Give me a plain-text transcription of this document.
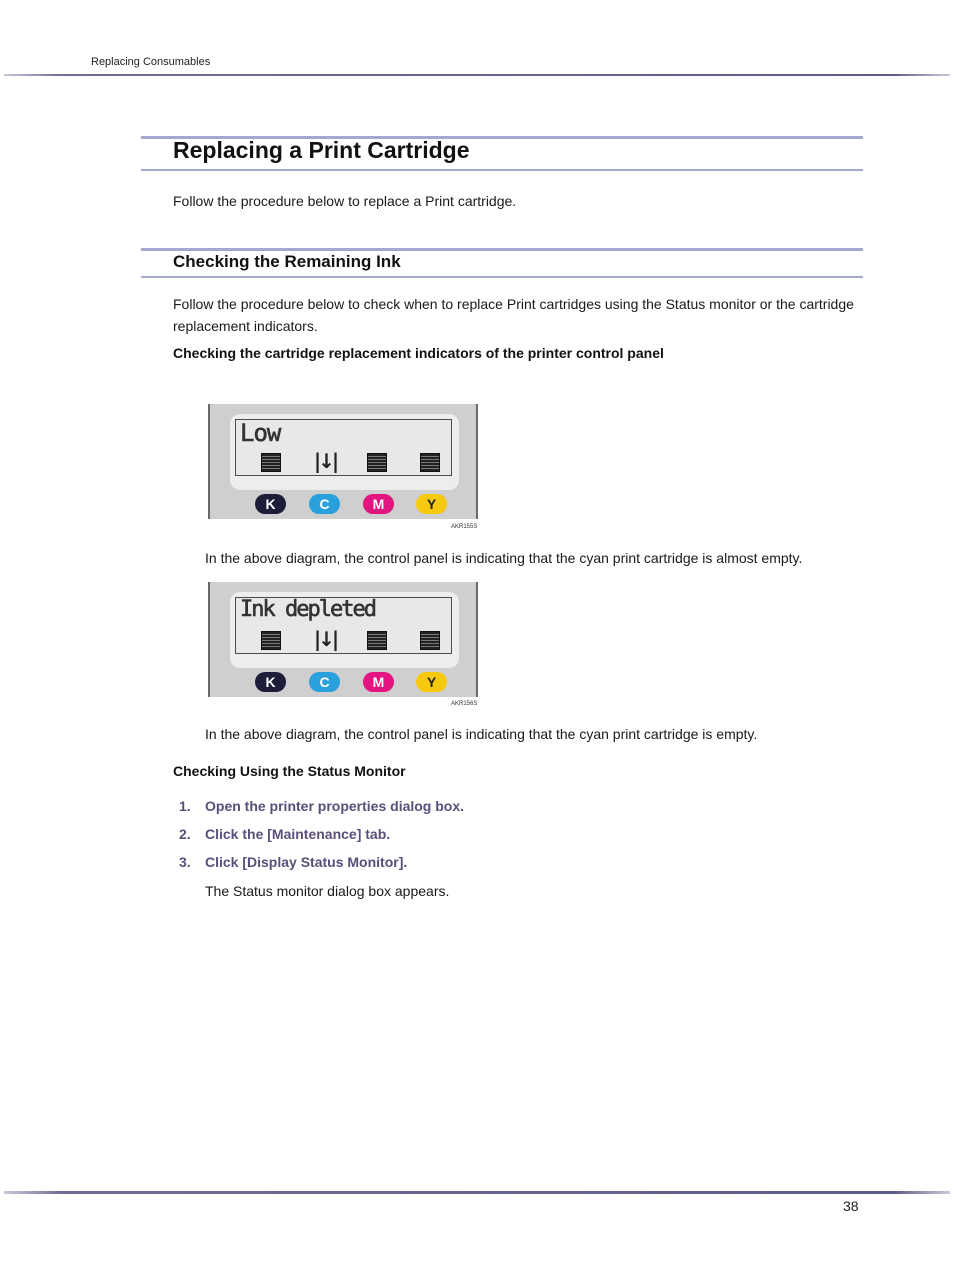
Replacing Consumables
Replacing a Print Cartridge
Follow the procedure below to replace a Print cartridge.
Checking the Remaining Ink
Follow the procedure below to check when to replace Print cartridges using the Status monitor or the cartridge
replacement indicators.
Checking the cartridge replacement indicators of the printer control panel
Low
|↓|
K	C	M	Y
AKR155S
In the above diagram, the control panel is indicating that the cyan print cartridge is almost empty.
Ink depleted
|↓|
K	C	M	Y
AKR156S
In the above diagram, the control panel is indicating that the cyan print cartridge is empty.
Checking Using the Status Monitor
1. Open the printer properties dialog box.
2. Click the [Maintenance] tab.
3. Click [Display Status Monitor].
The Status monitor dialog box appears.
38
